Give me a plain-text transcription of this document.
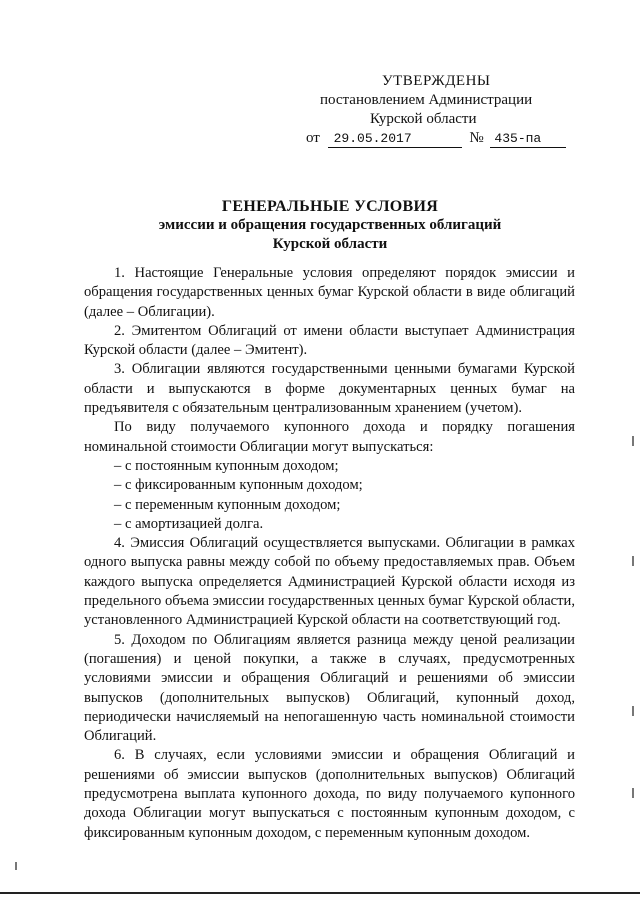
УТВЕРЖДЕНЫ
постановлением Администрации
Курской области
от 29.05.2017	№ 435-па
ГЕНЕРАЛЬНЫЕ УСЛОВИЯ
эмиссии и обращения государственных облигаций
Курской области

1. Настоящие Генеральные условия определяют порядок эмиссии и обращения государственных ценных бумаг Курской области в виде облигаций (далее – Облигации).

2. Эмитентом Облигаций от имени области выступает Администрация Курской области (далее – Эмитент).

3. Облигации являются государственными ценными бумагами Курской области и выпускаются в форме документарных ценных бумаг на предъявителя с обязательным централизованным хранением (учетом).

По виду получаемого купонного дохода и порядку погашения номинальной стоимости Облигации могут выпускаться:

– с постоянным купонным доходом;

– с фиксированным купонным доходом;

– с переменным купонным доходом;

– с амортизацией долга.

4. Эмиссия Облигаций осуществляется выпусками. Облигации в рамках одного выпуска равны между собой по объему предоставляемых прав. Объем каждого выпуска определяется Администрацией Курской области исходя из предельного объема эмиссии государственных ценных бумаг Курской области, установленного Администрацией Курской области на соответствующий год.

5. Доходом по Облигациям является разница между ценой реализации (погашения) и ценой покупки, а также в случаях, предусмотренных условиями эмиссии и обращения Облигаций и решениями об эмиссии выпусков (дополнительных выпусков) Облигаций, купонный доход, периодически начисляемый на непогашенную часть номинальной стоимости Облигаций.

6. В случаях, если условиями эмиссии и обращения Облигаций и решениями об эмиссии выпусков (дополнительных выпусков) Облигаций предусмотрена выплата купонного дохода, по виду получаемого купонного дохода Облигации могут выпускаться с постоянным купонным доходом, с фиксированным купонным доходом, с переменным купонным доходом.
